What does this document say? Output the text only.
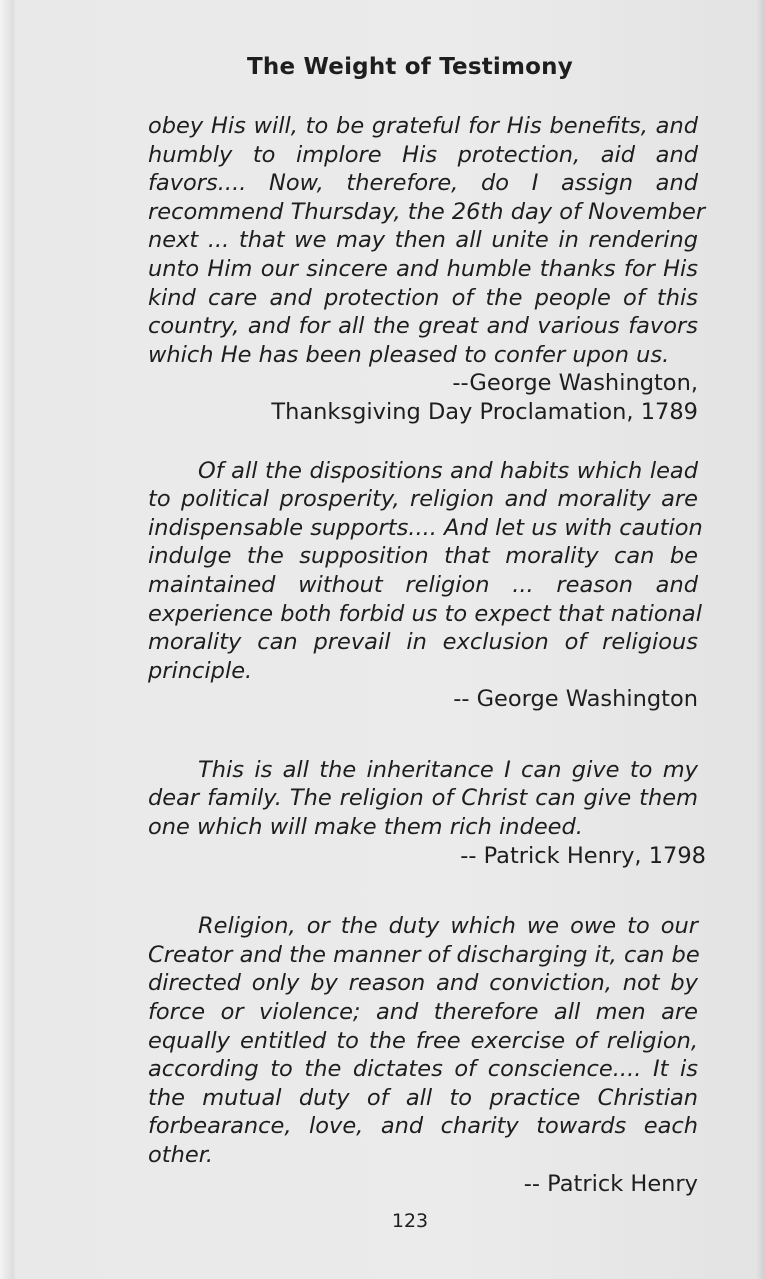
The Weight of Testimony

obey His will, to be grateful for His benefits, and
humbly to implore His protection, aid and
favors.... Now, therefore, do I assign and
recommend Thursday, the 26th day of November
next ... that we may then all unite in rendering
unto Him our sincere and humble thanks for His
kind care and protection of the people of this
country, and for all the great and various favors
which He has been pleased to confer upon us.

--George Washington,
Thanksgiving Day Proclamation, 1789

Of all the dispositions and habits which lead
to political prosperity, religion and morality are
indispensable supports.... And let us with caution
indulge the supposition that morality can be
maintained without religion ... reason and
experience both forbid us to expect that national
morality can prevail in exclusion of religious
principle.

-- George Washington

This is all the inheritance I can give to my
dear family. The religion of Christ can give them
one which will make them rich indeed.

-- Patrick Henry, 1798

Religion, or the duty which we owe to our
Creator and the manner of discharging it, can be
directed only by reason and conviction, not by
force or violence; and therefore all men are
equally entitled to the free exercise of religion,
according to the dictates of conscience.... It is
the mutual duty of all to practice Christian
forbearance, love, and charity towards each
other.

-- Patrick Henry

123
